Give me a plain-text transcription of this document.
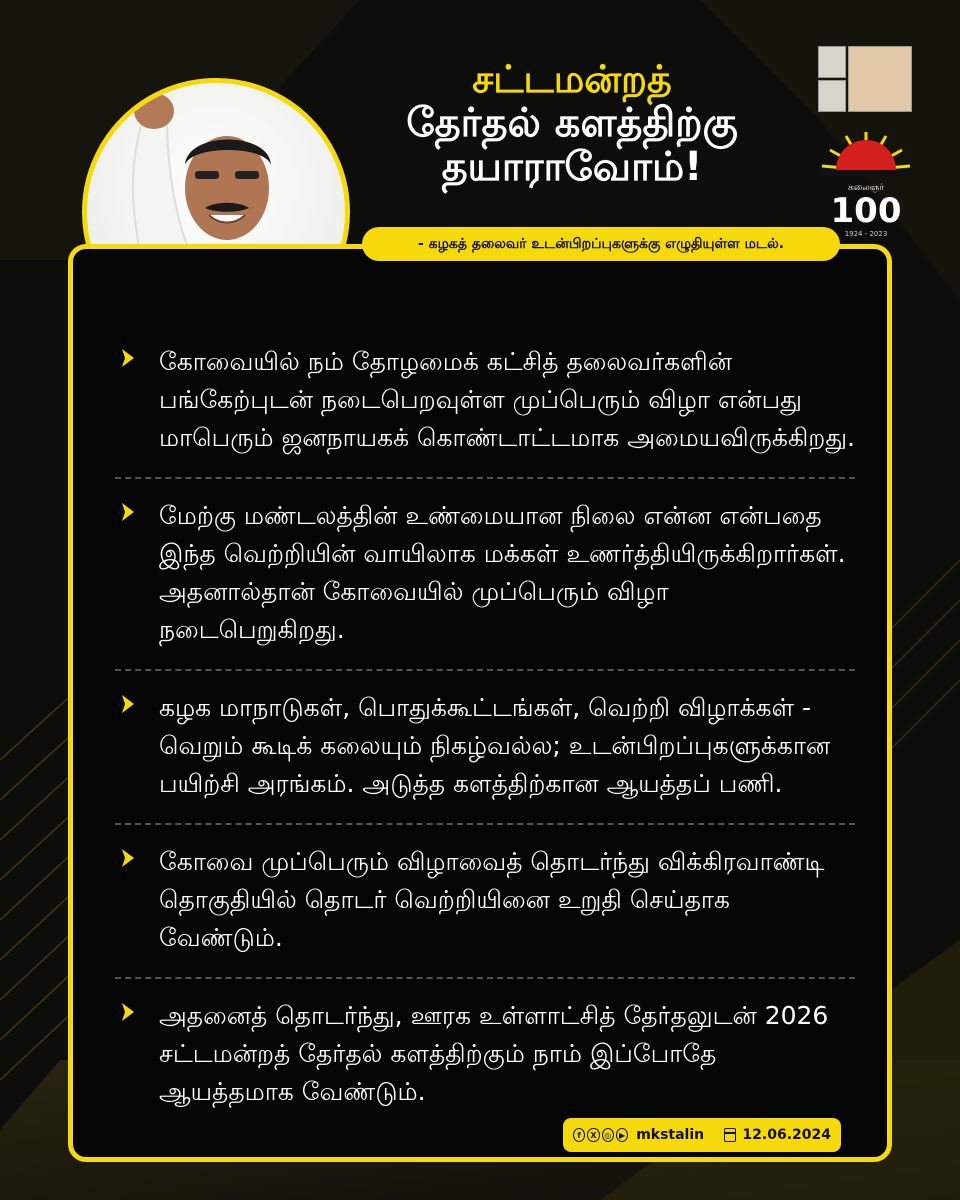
சட்டமன்றத்
தேர்தல் களத்திற்கு
தயாராவோம்!	கலைஞர்
100
1924 - 2023
கோவையில் நம் தோழமைக் கட்சித் தலைவர்களின் பங்கேற்புடன் நடைபெறவுள்ள முப்பெரும் விழா என்பது மாபெரும் ஜனநாயகக் கொண்டாட்டமாக அமையவிருக்கிறது.
மேற்கு மண்டலத்தின் உண்மையான நிலை என்ன என்பதை இந்த வெற்றியின் வாயிலாக மக்கள் உணர்த்தியிருக்கிறார்கள். அதனால்தான் கோவையில் முப்பெரும் விழா நடைபெறுகிறது.
கழக மாநாடுகள், பொதுக்கூட்டங்கள், வெற்றி விழாக்கள் - வெறும் கூடிக் கலையும் நிகழ்வல்ல; உடன்பிறப்புகளுக்கான பயிற்சி அரங்கம். அடுத்த களத்திற்கான ஆயத்தப் பணி.
கோவை முப்பெரும் விழாவைத் தொடர்ந்து விக்கிரவாண்டி தொகுதியில் தொடர் வெற்றியினை உறுதி செய்தாக வேண்டும்.
அதனைத் தொடர்ந்து, ஊரக உள்ளாட்சித் தேர்தலுடன் 2026 சட்டமன்றத் தேர்தல் களத்திற்கும் நாம் இப்போதே ஆயத்தமாக வேண்டும்.
- கழகத் தலைவர் உடன்பிறப்புகளுக்கு எழுதியுள்ள மடல்.
f	X ◎ ▶ mkstalin	12.06.2024
